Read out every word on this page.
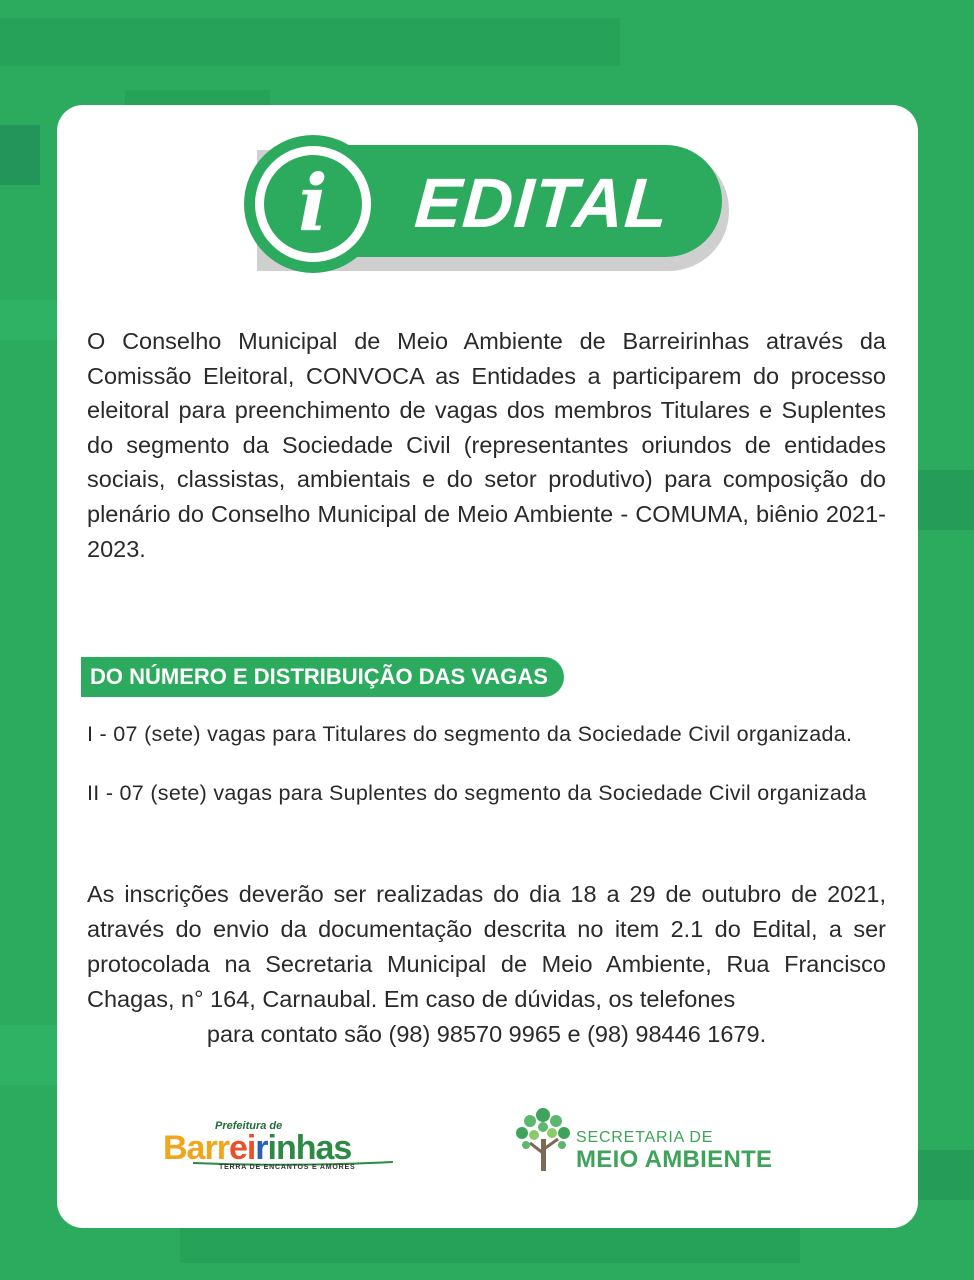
i	EDITAL

O Conselho Municipal de Meio Ambiente de Barreirinhas através da Comissão Eleitoral, CONVOCA as Entidades a participarem do processo eleitoral para preenchimento de vagas dos membros Titulares e Suplentes do segmento da Sociedade Civil (representantes oriundos de entidades sociais, classistas, ambientais e do setor produtivo) para composição do plenário do Conselho Municipal de Meio Ambiente - COMUMA, biênio 2021-2023.

DO NÚMERO E DISTRIBUIÇÃO DAS VAGAS

I - 07 (sete) vagas para Titulares do segmento da Sociedade Civil organizada.

II - 07 (sete) vagas para Suplentes do segmento da Sociedade Civil organizada

As inscrições deverão ser realizadas do dia 18 a 29 de outubro de 2021, através do envio da documentação descrita no item 2.1 do Edital, a ser protocolada na Secretaria Municipal de Meio Ambiente, Rua Francisco Chagas, n° 164, Carnaubal. Em caso de dúvidas, os telefones
para contato são (98) 98570 9965 e (98) 98446 1679.

Prefeitura de
Barreirinhas
TERRA DE ENCANTOS E AMORES
SECRETARIA DE
MEIO AMBIENTE
